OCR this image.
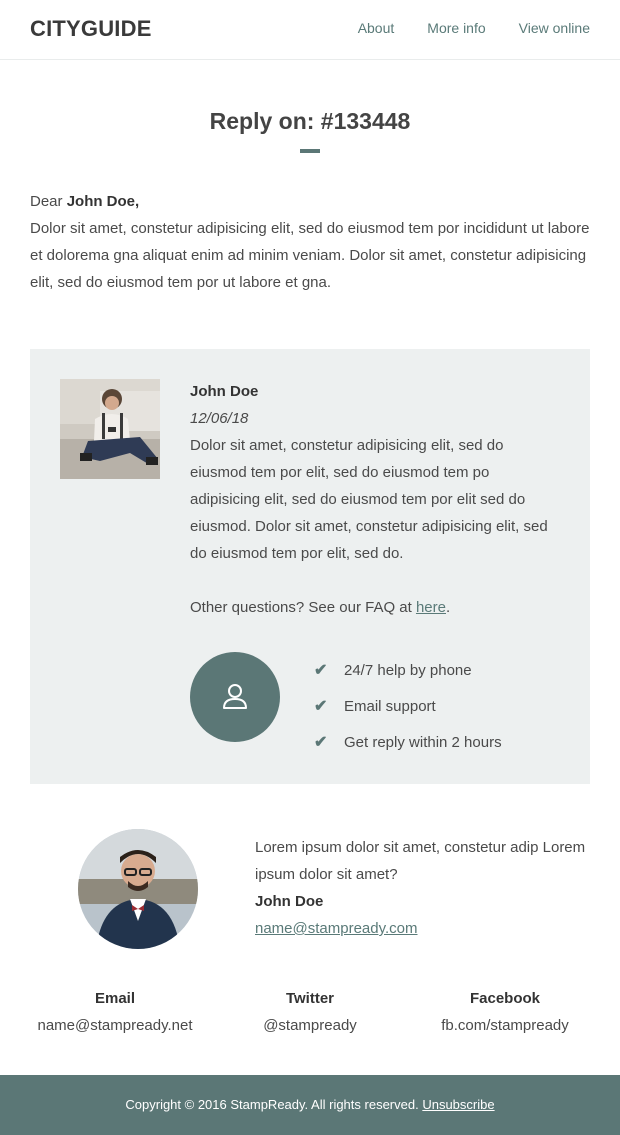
CITYGUIDE	About More info View online
Reply on: #133448
Dear John Doe,

Dolor sit amet, constetur adipisicing elit, sed do eiusmod tem por incididunt ut labore et dolorema gna aliquat enim ad minim veniam. Dolor sit amet, constetur adipisicing elit, sed do eiusmod tem por ut labore et gna.

John Doe
12/06/18

Dolor sit amet, constetur adipisicing elit, sed do eiusmod tem por elit, sed do eiusmod tem po adipisicing elit, sed do eiusmod tem por elit sed do eiusmod. Dolor sit amet, constetur adipisicing elit, sed do eiusmod tem por elit, sed do.

Other questions? See our FAQ at here.
✔	24/7 help by phone
✔	Email support
✔	Get reply within 2 hours
Lorem ipsum dolor sit amet, constetur adip Lorem ipsum dolor sit amet?
John Doe
name@stampready.com
Email
name@stampready.net
Twitter
@stampready
Facebook
fb.com/stampready
Copyright © 2016 StampReady. All rights reserved. Unsubscribe
